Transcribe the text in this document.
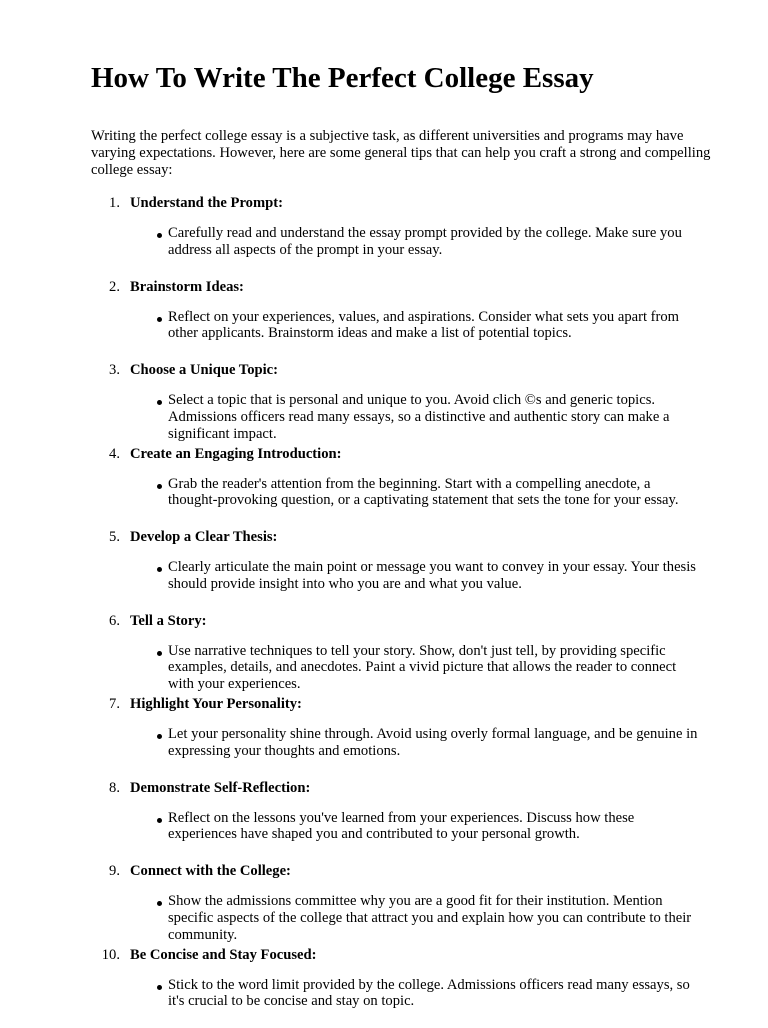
How To Write The Perfect College Essay

Writing the perfect college essay is a subjective task, as different universities and programs may have varying expectations. However, here are some general tips that can help you craft a strong and compelling college essay:

1. Understand the Prompt:
Carefully read and understand the essay prompt provided by the college. Make sure you address all aspects of the prompt in your essay.
2. Brainstorm Ideas:
Reflect on your experiences, values, and aspirations. Consider what sets you apart from other applicants. Brainstorm ideas and make a list of potential topics.
3. Choose a Unique Topic:
Select a topic that is personal and unique to you. Avoid clich ©s and generic topics. Admissions officers read many essays, so a distinctive and authentic story can make a significant impact.
4. Create an Engaging Introduction:
Grab the reader's attention from the beginning. Start with a compelling anecdote, a thought-provoking question, or a captivating statement that sets the tone for your essay.
5. Develop a Clear Thesis:
Clearly articulate the main point or message you want to convey in your essay. Your thesis should provide insight into who you are and what you value.
6. Tell a Story:
Use narrative techniques to tell your story. Show, don't just tell, by providing specific examples, details, and anecdotes. Paint a vivid picture that allows the reader to connect with your experiences.
7. Highlight Your Personality:
Let your personality shine through. Avoid using overly formal language, and be genuine in expressing your thoughts and emotions.
8. Demonstrate Self-Reflection:
Reflect on the lessons you've learned from your experiences. Discuss how these experiences have shaped you and contributed to your personal growth.
9. Connect with the College:
Show the admissions committee why you are a good fit for their institution. Mention specific aspects of the college that attract you and explain how you can contribute to their community.
10. Be Concise and Stay Focused:
Stick to the word limit provided by the college. Admissions officers read many essays, so it's crucial to be concise and stay on topic.
